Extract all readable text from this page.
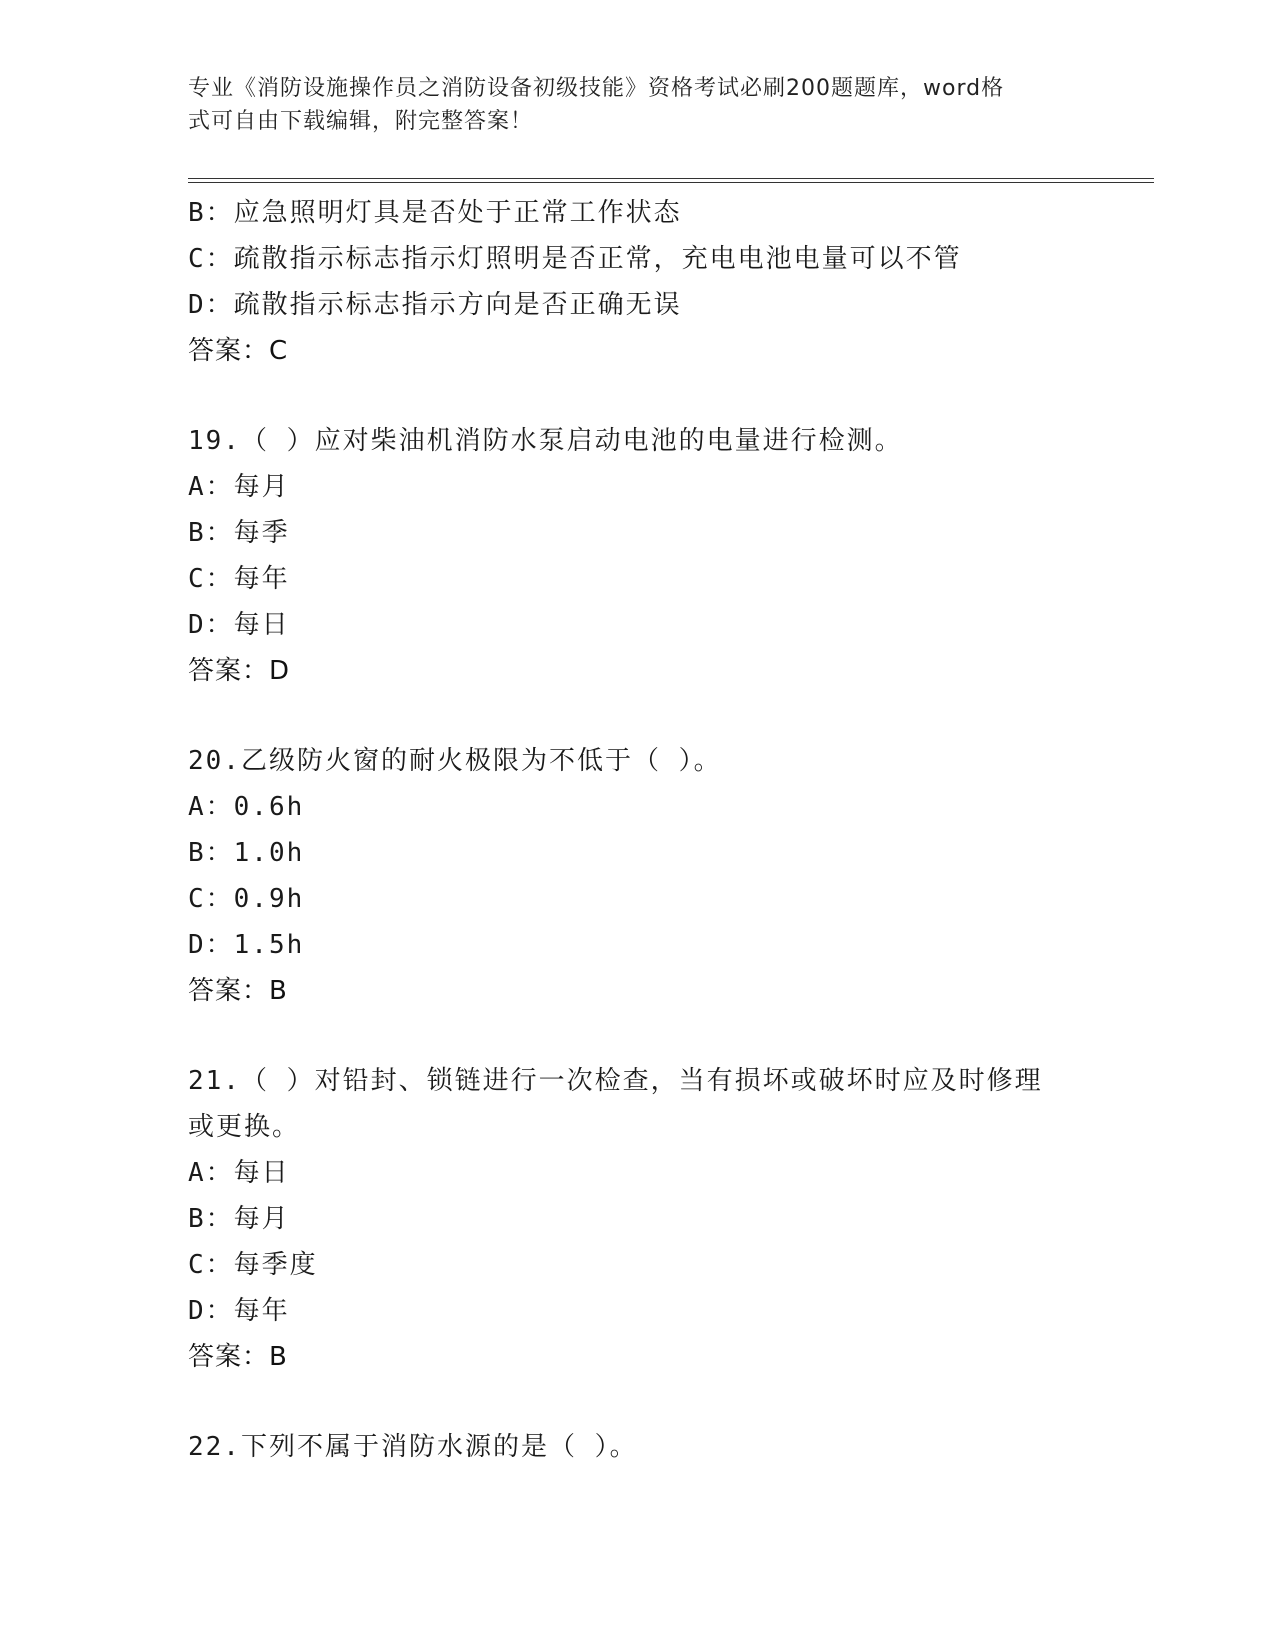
专业《消防设施操作员之消防设备初级技能》资格考试必刷200题题库，word格
式可自由下载编辑，附完整答案！
B：应急照明灯具是否处于正常工作状态
C：疏散指示标志指示灯照明是否正常，充电电池电量可以不管
D：疏散指示标志指示方向是否正确无误
答案：C
19.（ ）应对柴油机消防水泵启动电池的电量进行检测。
A：每月
B：每季
C：每年
D：每日
答案：D
20.乙级防火窗的耐火极限为不低于（ ）。
A：0.6h
B：1.0h
C：0.9h
D：1.5h
答案：B
21.（ ）对铅封、锁链进行一次检查，当有损坏或破坏时应及时修理
或更换。
A：每日
B：每月
C：每季度
D：每年
答案：B
22.下列不属于消防水源的是（ ）。
